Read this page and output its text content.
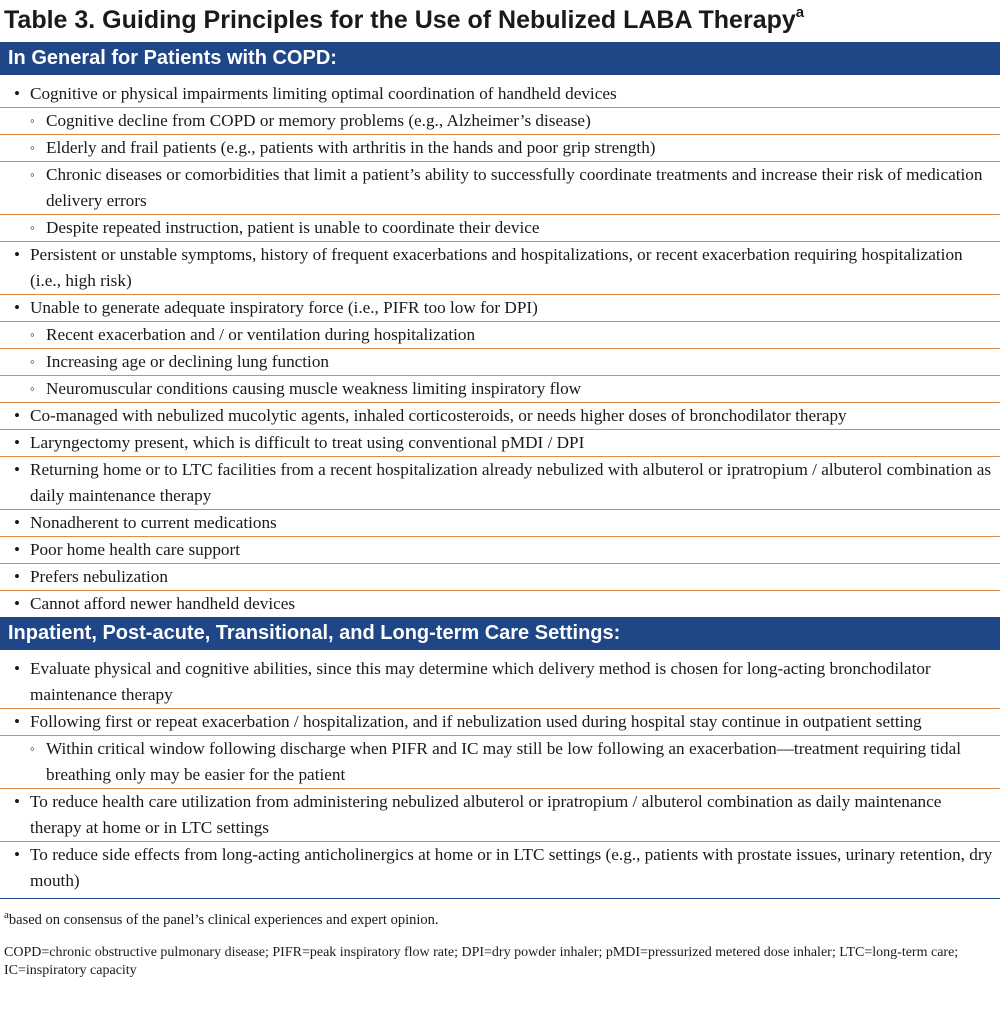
Table 3. Guiding Principles for the Use of Nebulized LABA Therapy$^a$
In General for Patients with COPD:
• Cognitive or physical impairments limiting optimal coordination of handheld devices
◦ Cognitive decline from COPD or memory problems (e.g., Alzheimer’s disease)
◦ Elderly and frail patients (e.g., patients with arthritis in the hands and poor grip strength)
◦ Chronic diseases or comorbidities that limit a patient’s ability to successfully coordinate treatments and increase their risk of medication delivery errors
◦ Despite repeated instruction, patient is unable to coordinate their device
• Persistent or unstable symptoms, history of frequent exacerbations and hospitalizations, or recent exacerbation requiring hospitalization (i.e., high risk)
• Unable to generate adequate inspiratory force (i.e., PIFR too low for DPI)
◦ Recent exacerbation and / or ventilation during hospitalization
◦ Increasing age or declining lung function
◦ Neuromuscular conditions causing muscle weakness limiting inspiratory flow
• Co-managed with nebulized mucolytic agents, inhaled corticosteroids, or needs higher doses of bronchodilator therapy
• Laryngectomy present, which is difficult to treat using conventional pMDI / DPI
• Returning home or to LTC facilities from a recent hospitalization already nebulized with albuterol or ipratropium / albuterol combination as daily maintenance therapy
• Nonadherent to current medications
• Poor home health care support
• Prefers nebulization
• Cannot afford newer handheld devices
Inpatient, Post-acute, Transitional, and Long-term Care Settings:
• Evaluate physical and cognitive abilities, since this may determine which delivery method is chosen for long-acting bronchodilator maintenance therapy
• Following first or repeat exacerbation / hospitalization, and if nebulization used during hospital stay continue in outpatient setting
◦ Within critical window following discharge when PIFR and IC may still be low following an exacerbation—treatment requiring tidal breathing only may be easier for the patient
• To reduce health care utilization from administering nebulized albuterol or ipratropium / albuterol combination as daily maintenance therapy at home or in LTC settings
• To reduce side effects from long-acting anticholinergics at home or in LTC settings (e.g., patients with prostate issues, urinary retention, dry mouth)
$^a$based on consensus of the panel’s clinical experiences and expert opinion.
COPD=chronic obstructive pulmonary disease; PIFR=peak inspiratory flow rate; DPI=dry powder inhaler; pMDI=pressurized metered dose inhaler; LTC=long-term care; IC=inspiratory capacity
